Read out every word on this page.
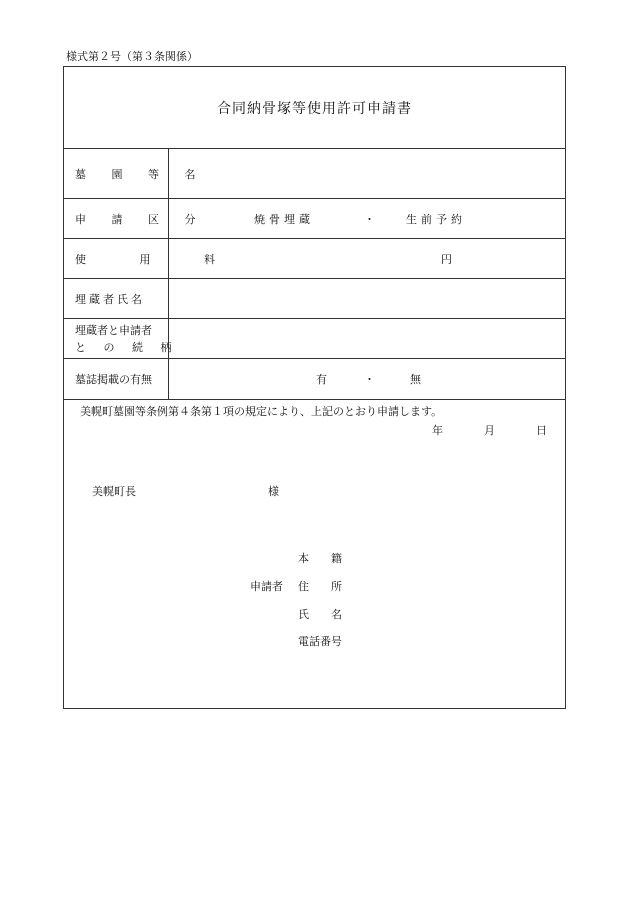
様式第２号（第３条関係）
合同納骨塚等使用許可申請書
墓 園 等 名
申 請 区 分	焼骨埋蔵	・	生前予約
使 用 料	円
埋蔵者氏名
埋蔵者と申請者
と の 続 柄
墓誌掲載の有無	有	・	無
美幌町墓園等条例第４条第１項の規定により、上記のとおり申請します。
年	月	日
美幌町長	様
本　　籍
申請者 住　　所
氏　　名
電話番号
